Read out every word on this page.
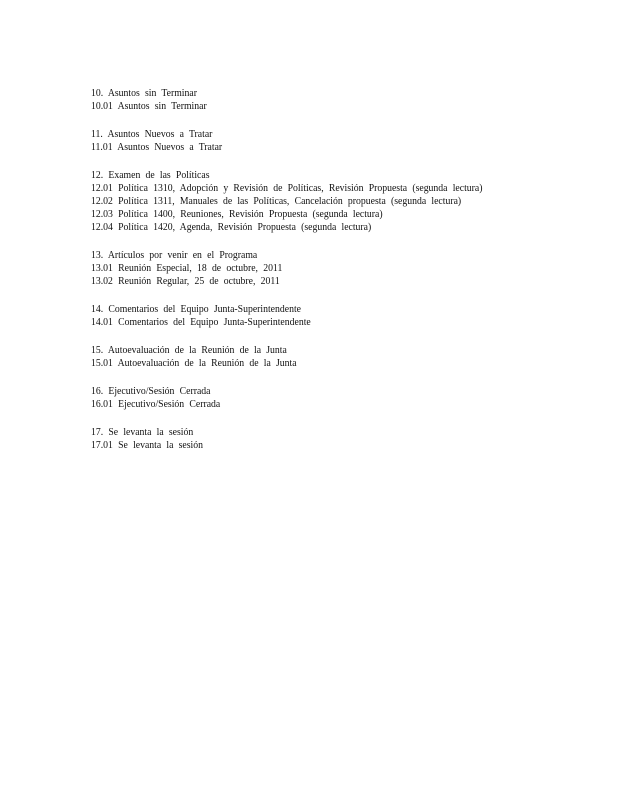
10. Asuntos sin Terminar
10.01 Asuntos sin Terminar
11. Asuntos Nuevos a Tratar
11.01 Asuntos Nuevos a Tratar
12. Examen de las Políticas
12.01 Política 1310, Adopción y Revisión de Políticas, Revisión Propuesta (segunda lectura)
12.02 Política 1311, Manuales de las Políticas, Cancelación propuesta (segunda lectura)
12.03 Política 1400, Reuniones, Revisión Propuesta (segunda lectura)
12.04 Política 1420, Agenda, Revisión Propuesta (segunda lectura)
13. Artículos por venir en el Programa
13.01 Reunión Especial, 18 de octubre, 2011
13.02 Reunión Regular, 25 de octubre, 2011
14. Comentarios del Equipo Junta-Superintendente
14.01 Comentarios del Equipo Junta-Superintendente
15. Autoevaluación de la Reunión de la Junta
15.01 Autoevaluación de la Reunión de la Junta
16. Ejecutivo/Sesión Cerrada
16.01 Ejecutivo/Sesión Cerrada
17. Se levanta la sesión
17.01 Se levanta la sesión
